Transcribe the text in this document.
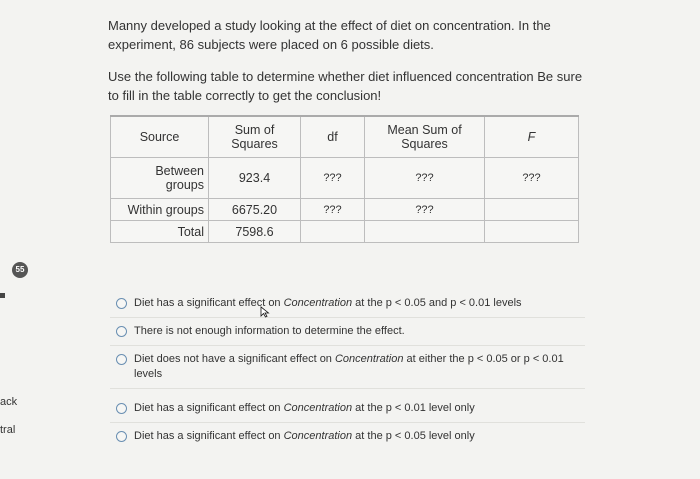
55
ack
tral
Manny developed a study looking at the effect of diet on concentration. In the experiment, 86 subjects were placed on 6 possible diets.
Use the following table to determine whether diet influenced concentration Be sure to fill in the table correctly to get the conclusion!
Source	Sum of Squares	df	Mean Sum of Squares	F
Between groups	923.4	???	???	???
Within groups	6675.20	???	???	
Total	7598.6			
Diet has a significant effect on Concentration at the p < 0.05 and p < 0.01 levels
There is not enough information to determine the effect.
Diet does not have a significant effect on Concentration at either the p < 0.05 or p < 0.01 levels
Diet has a significant effect on Concentration at the p < 0.01 level only
Diet has a significant effect on Concentration at the p < 0.05 level only
